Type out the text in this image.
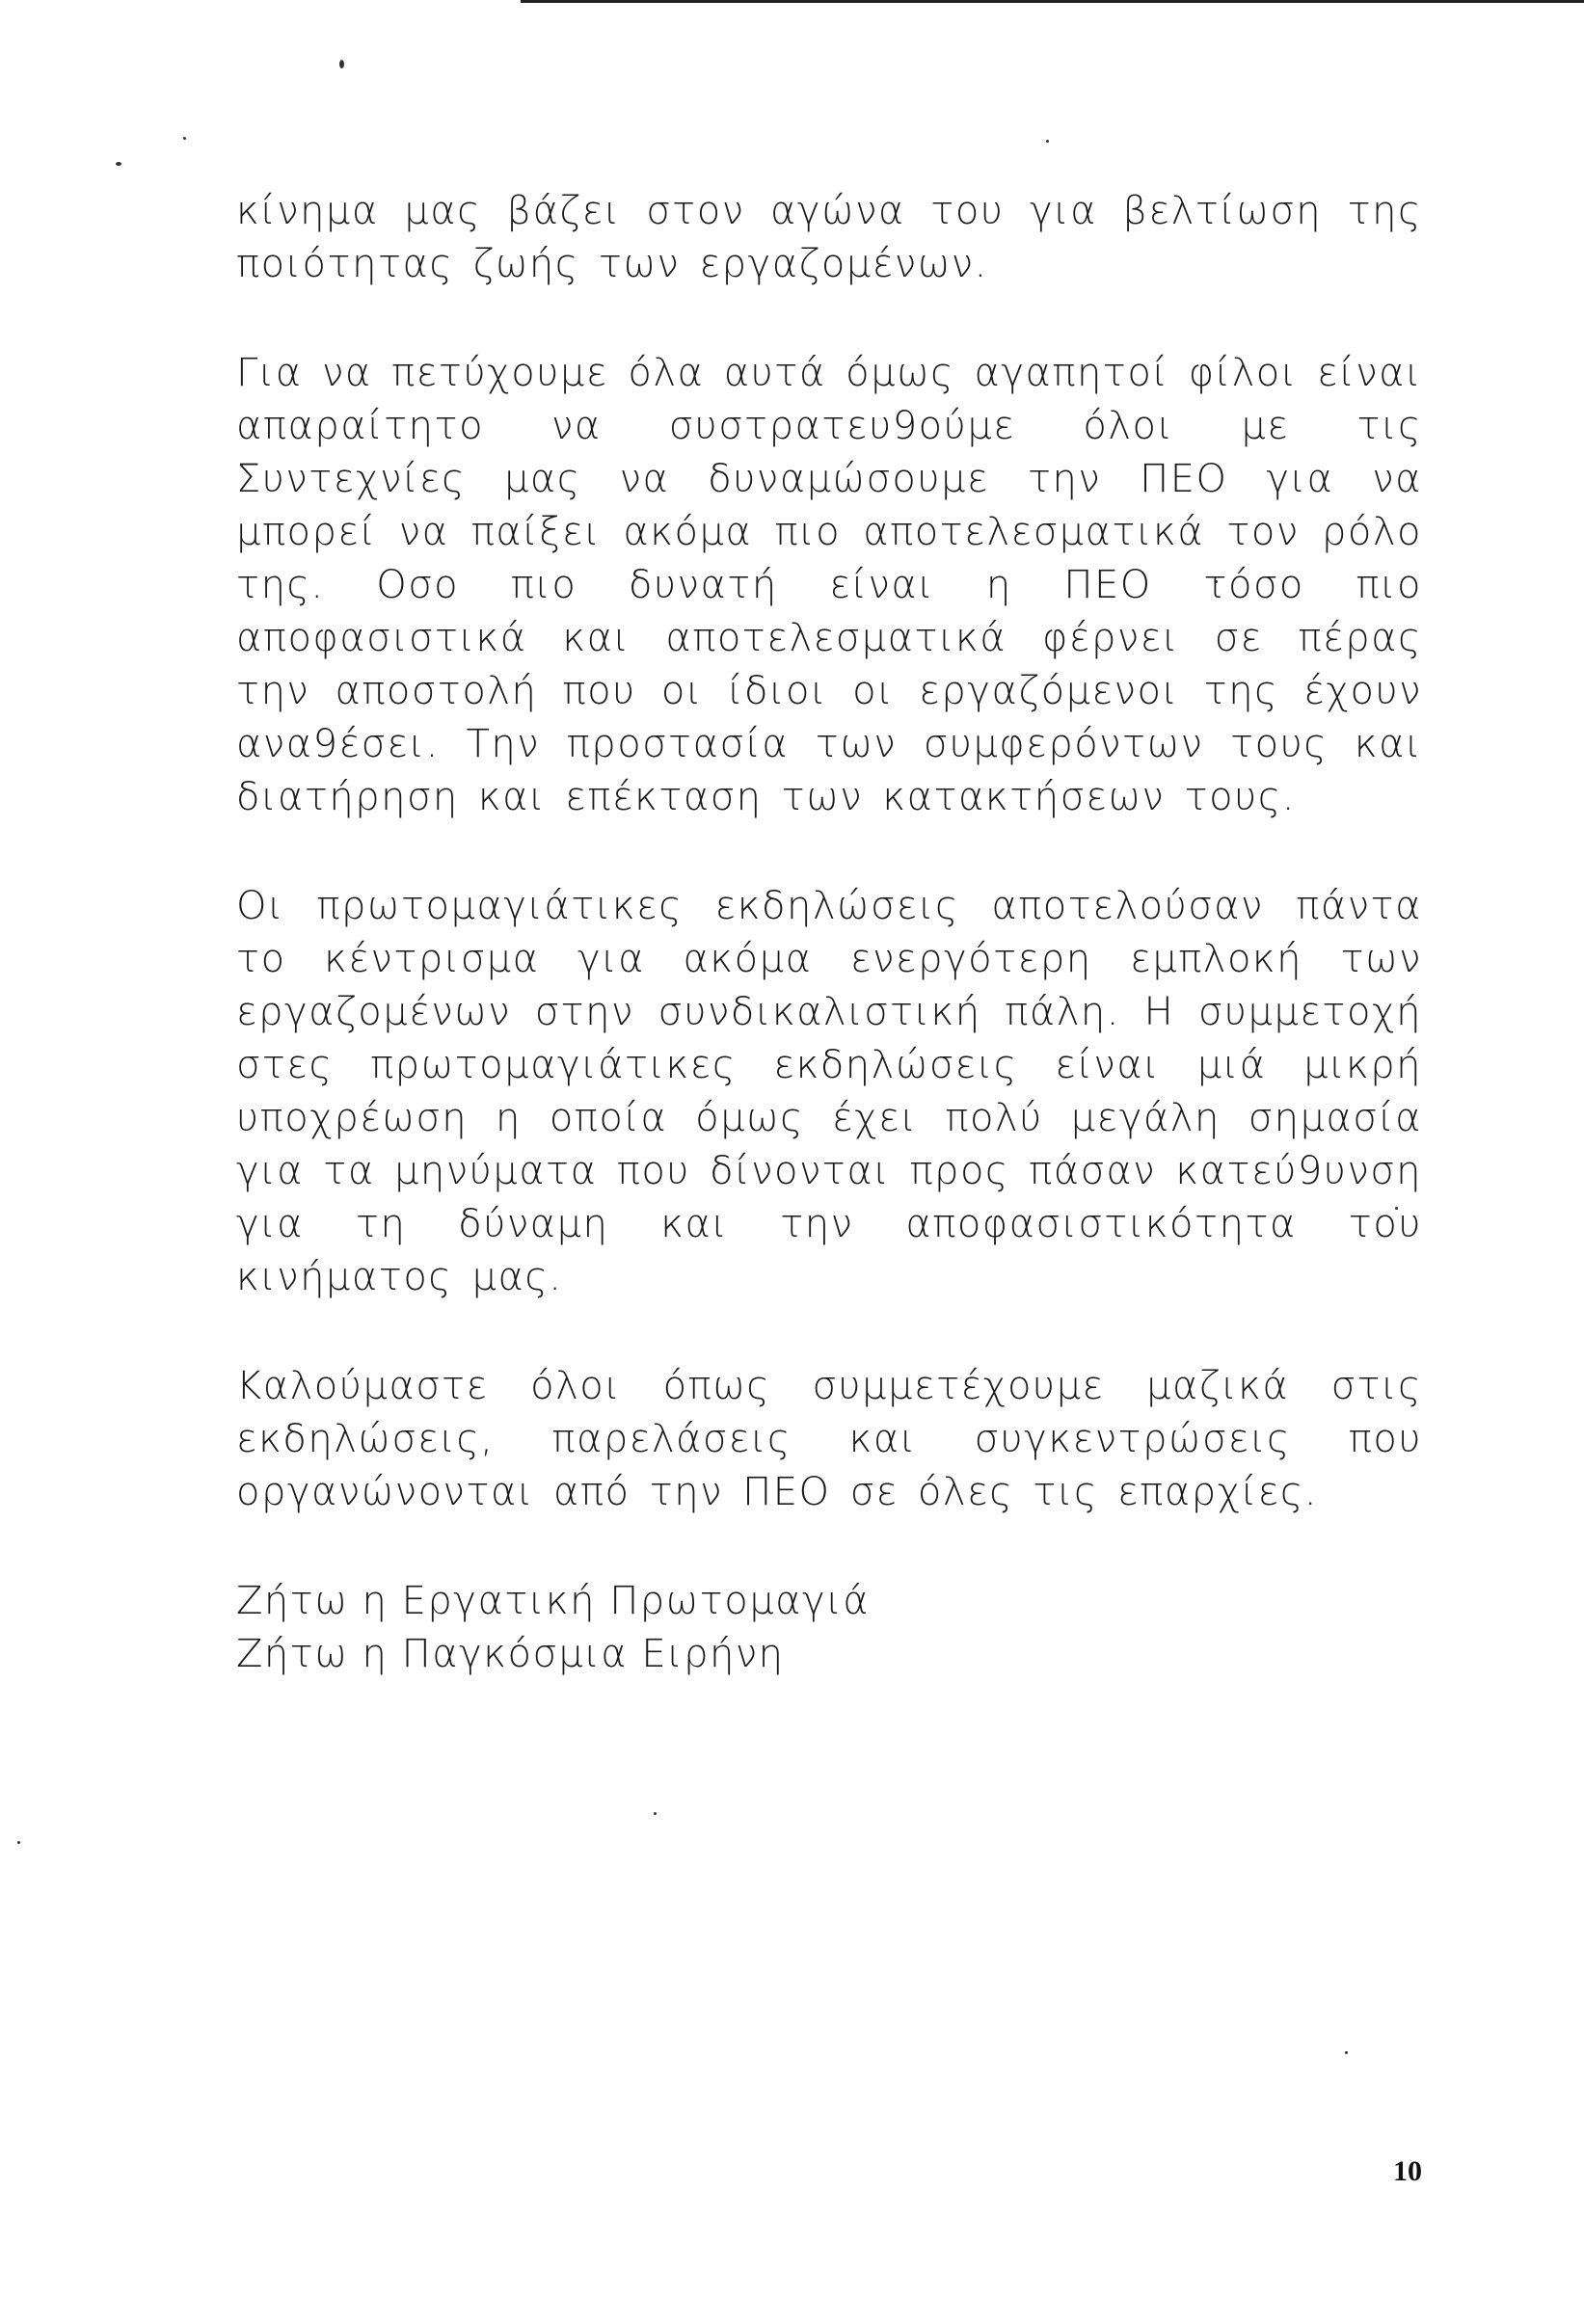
κίνημα μας βάζει στον αγώνα του για βελτίωση της ποιότητας ζωής των εργαζομένων.

Για να πετύχουμε όλα αυτά όμως αγαπητοί φίλοι είναι απαραίτητο να συστρατευ9ούμε όλοι με τις Συντεχνίες μας να δυναμώσουμε την ΠΕΟ για να μπορεί να παίξει ακόμα πιο αποτελεσματικά τον ρόλο της. Οσο πιο δυνατή είναι η ΠΕΟ τόσο πιο αποφασιστικά και αποτελεσματικά φέρνει σε πέρας την αποστολή που οι ίδιοι οι εργαζόμενοι της έχουν ανα9έσει. Την προστασία των συμφερόντων τους και διατήρηση και επέκταση των κατακτήσεων τους.

Οι πρωτομαγιάτικες εκδηλώσεις αποτελούσαν πάντα το κέντρισμα για ακόμα ενεργότερη εμπλοκή των εργαζομένων στην συνδικαλιστική πάλη. Η συμμετοχή στες πρωτομαγιάτικες εκδηλώσεις είναι μιά μικρή υποχρέωση η οποία όμως έχει πολύ μεγάλη σημασία για τα μηνύματα που δίνονται προς πάσαν κατεύ9υνση για τη δύναμη και την αποφασιστικότητα του κινήματος μας.

Καλούμαστε όλοι όπως συμμετέχουμε μαζικά στις εκδηλώσεις, παρελάσεις και συγκεντρώσεις που οργανώνονται από την ΠΕΟ σε όλες τις επαρχίες.

Ζήτω η Εργατική Πρωτομαγιά

Ζήτω η Παγκόσμια Ειρήνη

10
